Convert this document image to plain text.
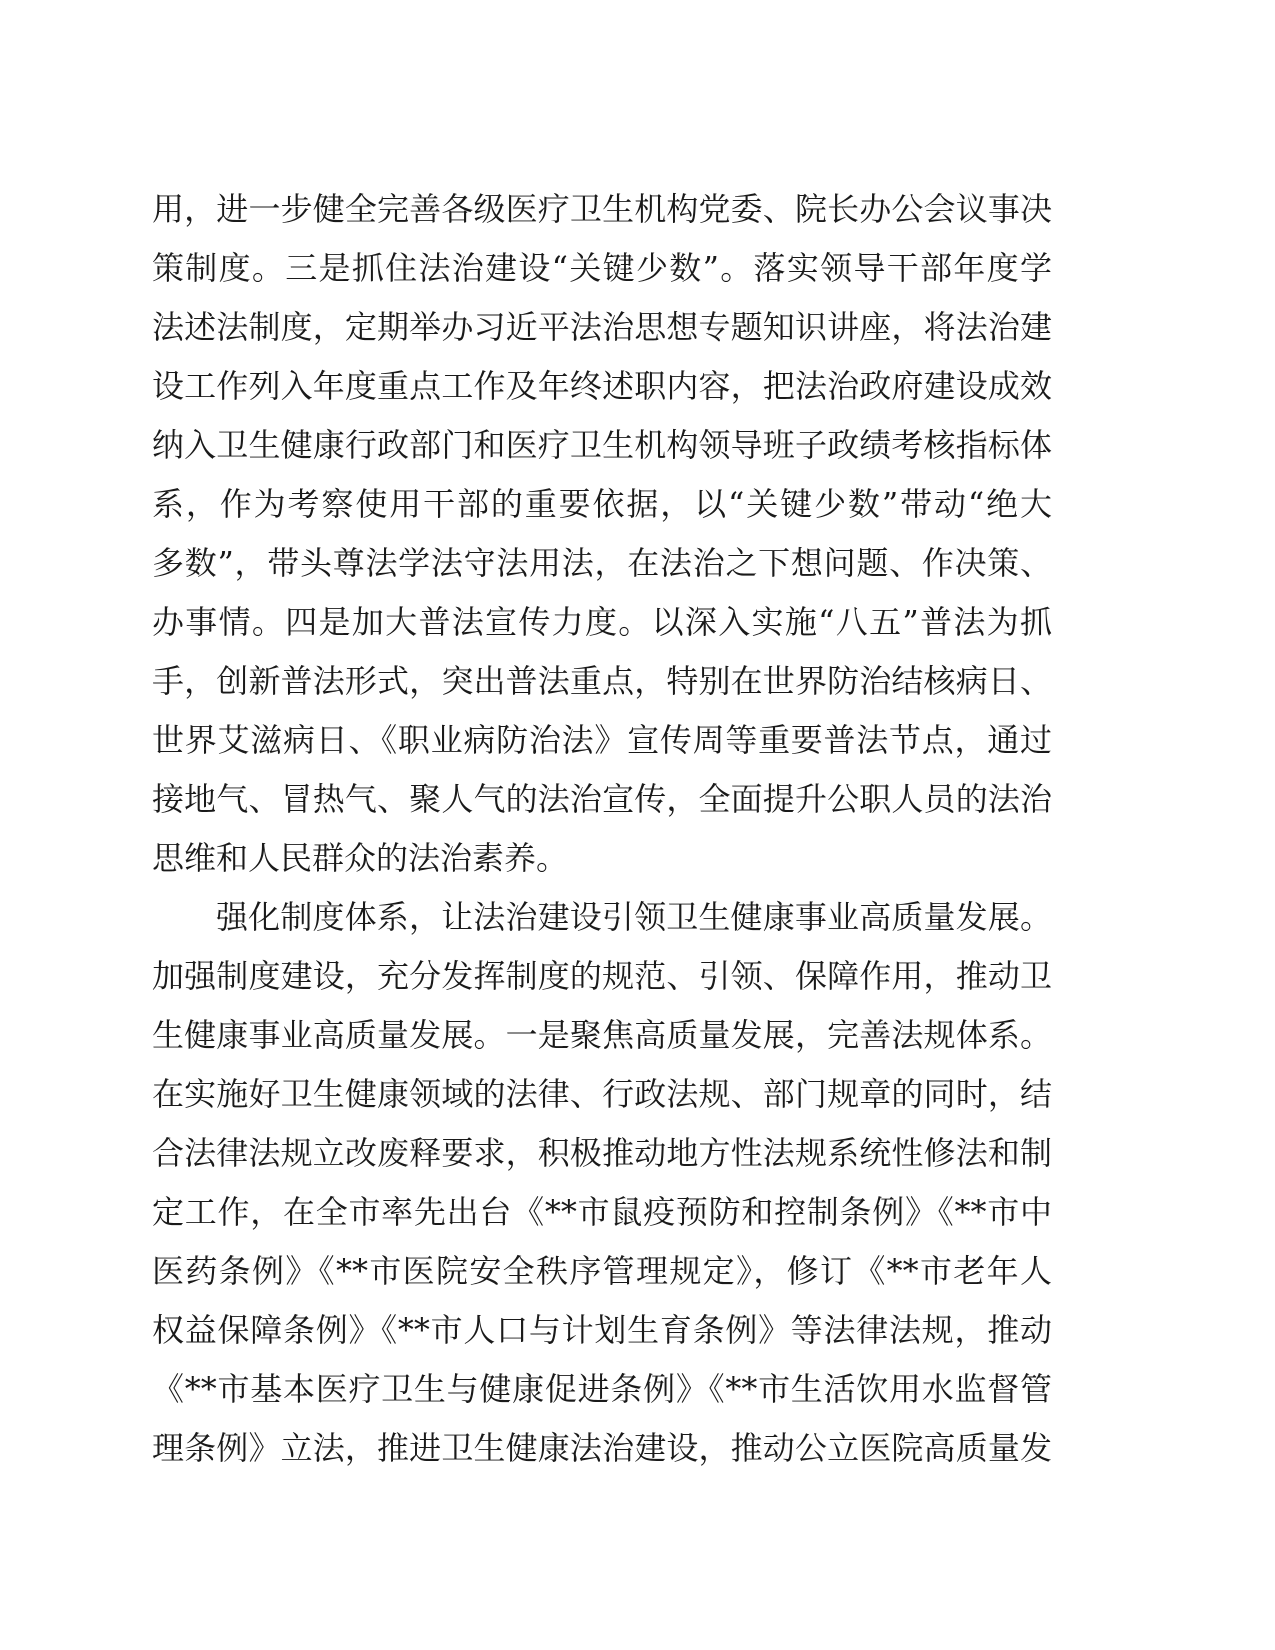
用，进一步健全完善各级医疗卫生机构党委、院长办公会议事决
策制度。三是抓住法治建设“关键少数”。落实领导干部年度学
法述法制度，定期举办习近平法治思想专题知识讲座，将法治建
设工作列入年度重点工作及年终述职内容，把法治政府建设成效
纳入卫生健康行政部门和医疗卫生机构领导班子政绩考核指标体
系，作为考察使用干部的重要依据，以“关键少数”带动“绝大
多数”，带头尊法学法守法用法，在法治之下想问题、作决策、
办事情。四是加大普法宣传力度。以深入实施“八五”普法为抓
手，创新普法形式，突出普法重点，特别在世界防治结核病日、
世界艾滋病日、《职业病防治法》宣传周等重要普法节点，通过
接地气、冒热气、聚人气的法治宣传，全面提升公职人员的法治
思维和人民群众的法治素养。
强化制度体系，让法治建设引领卫生健康事业高质量发展。
加强制度建设，充分发挥制度的规范、引领、保障作用，推动卫
生健康事业高质量发展。一是聚焦高质量发展，完善法规体系。
在实施好卫生健康领域的法律、行政法规、部门规章的同时，结
合法律法规立改废释要求，积极推动地方性法规系统性修法和制
定工作，在全市率先出台《**市鼠疫预防和控制条例》《**市中
医药条例》《**市医院安全秩序管理规定》，修订《**市老年人
权益保障条例》《**市人口与计划生育条例》等法律法规，推动
《**市基本医疗卫生与健康促进条例》《**市生活饮用水监督管
理条例》立法，推进卫生健康法治建设，推动公立医院高质量发
